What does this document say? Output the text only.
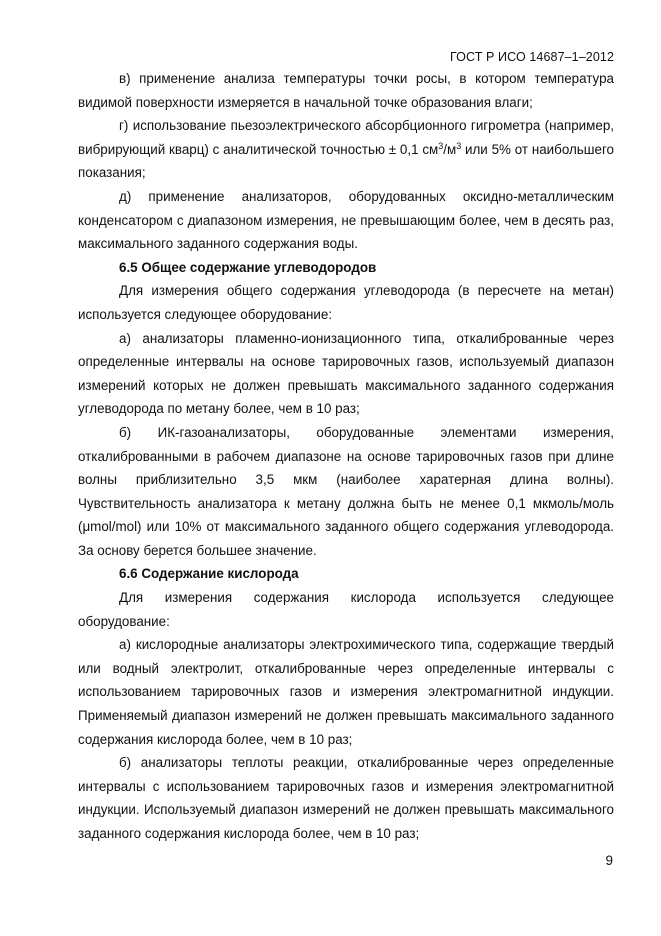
ГОСТ Р ИСО 14687–1–2012

в) применение анализа температуры точки росы, в котором температура видимой поверхности измеряется в начальной точке образования влаги;

г) использование пьезоэлектрического абсорбционного гигрометра (например, вибрирующий кварц) с аналитической точностью ± 0,1 $см^3/м^3$ или 5% от наибольшего показания;

д) применение анализаторов, оборудованных оксидно-металлическим конденсатором с диапазоном измерения, не превышающим более, чем в десять раз, максимального заданного содержания воды.

6.5 Общее содержание углеводородов

Для измерения общего содержания углеводорода (в пересчете на метан) используется следующее оборудование:

а) анализаторы пламенно-ионизационного типа, откалиброванные через определенные интервалы на основе тарировочных газов, используемый диапазон измерений которых не должен превышать максимального заданного содержания углеводорода по метану более, чем в 10 раз;

б) ИК-газоанализаторы, оборудованные элементами измерения, откалиброванными в рабочем диапазоне на основе тарировочных газов при длине волны приблизительно 3,5 мкм (наиболее харатерная длина волны). Чувствительность анализатора к метану должна быть не менее 0,1 мкмоль/моль (μmol/mol) или 10% от максимального заданного общего содержания углеводорода. За основу берется большее значение.

6.6 Содержание кислорода

Для измерения содержания кислорода используется следующее оборудование:

а) кислородные анализаторы электрохимического типа, содержащие твердый или водный электролит, откалиброванные через определенные интервалы с использованием тарировочных газов и измерения электромагнитной индукции. Применяемый диапазон измерений не должен превышать максимального заданного содержания кислорода более, чем в 10 раз;

б) анализаторы теплоты реакции, откалиброванные через определенные интервалы с использованием тарировочных газов и измерения электромагнитной индукции. Используемый диапазон измерений не должен превышать максимального заданного содержания кислорода более, чем в 10 раз;

9
